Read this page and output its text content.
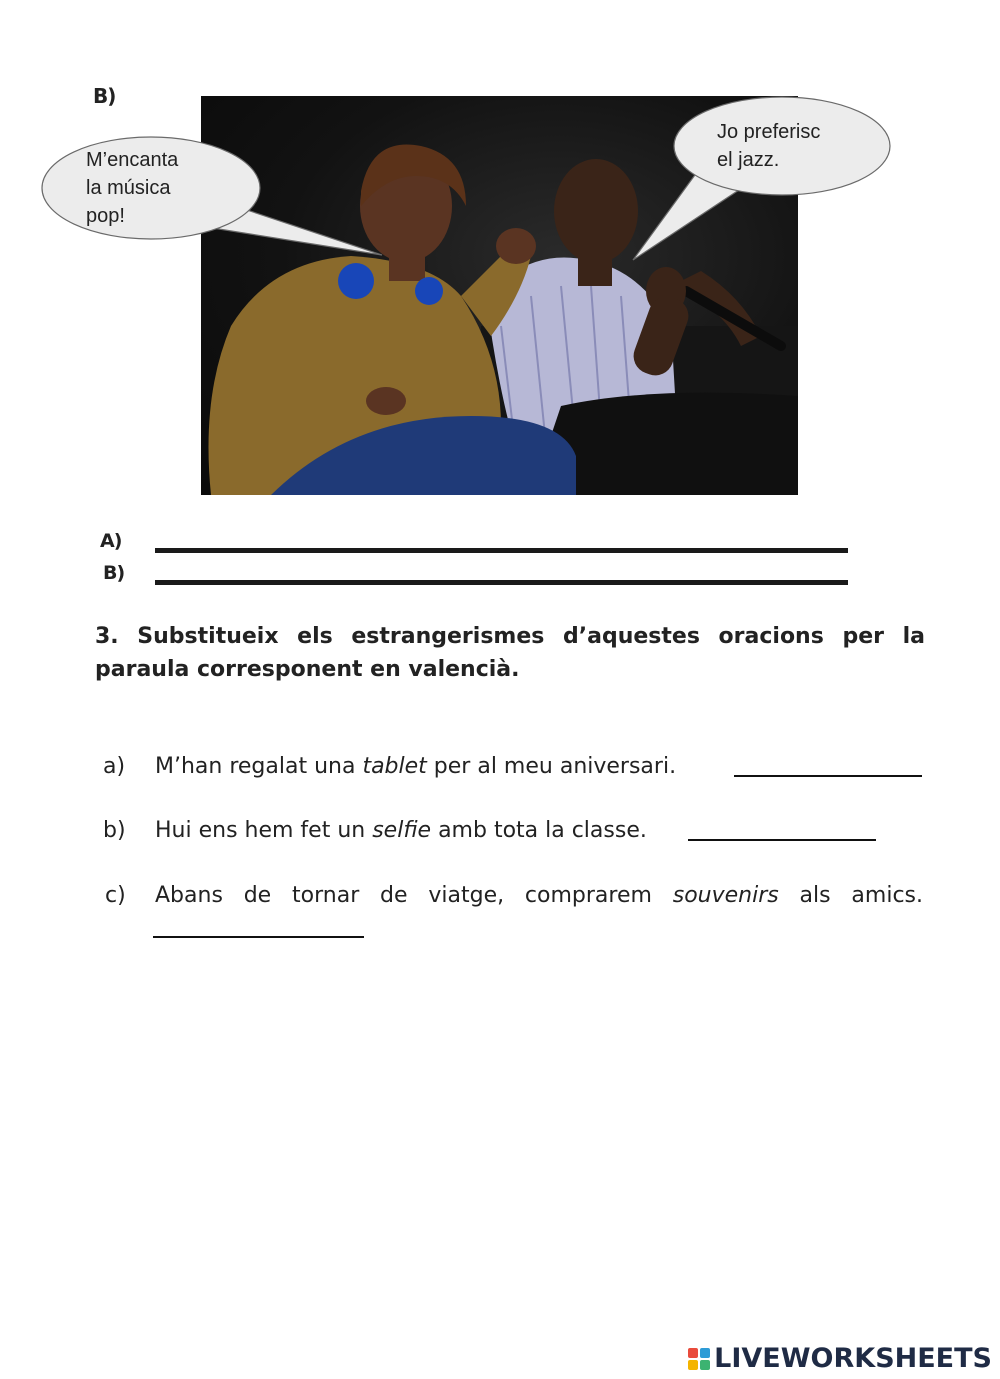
B)
M’encanta
la música
pop!
Jo preferisc
el jazz.
A)
B)
3. Substitueix els estrangerismes d’aquestes oracions per la paraula corresponent en valencià.
a) M’han regalat una tablet per al meu aniversari.
b) Hui ens hem fet un selfie amb tota la classe.
c) Abans de tornar de viatge, comprarem souvenirs als amics.
LIVEWORKSHEETS
